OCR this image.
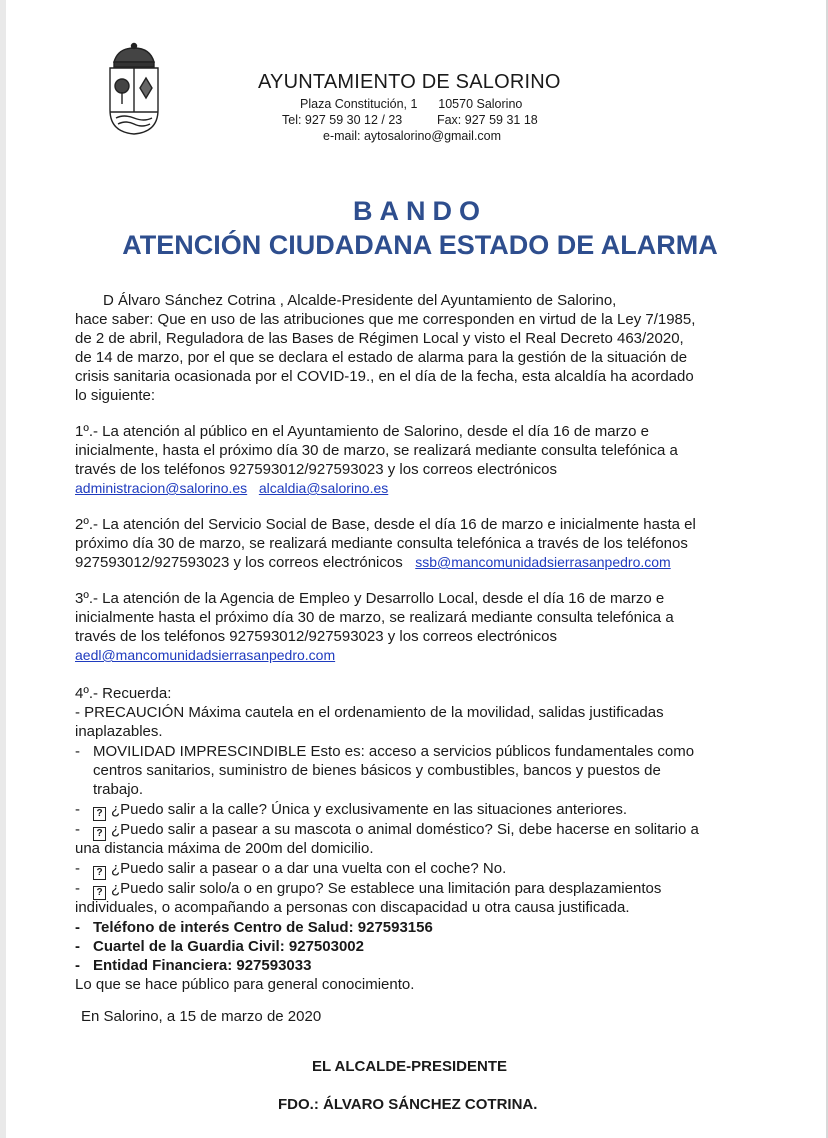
AYUNTAMIENTO DE SALORINO
Plaza Constitución, 1      10570 Salorino
Tel: 927 59 30 12 / 23          Fax: 927 59 31 18
e-mail: aytosalorino@gmail.com
BANDO
ATENCIÓN CIUDADANA ESTADO DE ALARMA
D Álvaro Sánchez Cotrina , Alcalde-Presidente del Ayuntamiento de Salorino,
hace saber: Que en uso de las atribuciones que me corresponden en virtud de la Ley 7/1985,
de 2 de abril, Reguladora de las Bases de Régimen Local y visto el Real Decreto 463/2020,
de 14 de marzo, por el que se declara el estado de alarma para la gestión de la situación de
crisis sanitaria ocasionada por el COVID-19., en el día de la fecha, esta alcaldía ha acordado
lo siguiente:
1º.- La atención al público en el Ayuntamiento de Salorino, desde el día 16 de marzo e
inicialmente, hasta el próximo día 30 de marzo, se realizará mediante consulta telefónica a
través de los teléfonos 927593012/927593023 y los correos electrónicos
administracion@salorino.es alcaldia@salorino.es
2º.- La atención del Servicio Social de Base, desde el día 16 de marzo e inicialmente hasta el
próximo día 30 de marzo, se realizará mediante consulta telefónica a través de los teléfonos
927593012/927593023 y los correos electrónicos ssb@mancomunidadsierrasanpedro.com
3º.- La atención de la Agencia de Empleo y Desarrollo Local, desde el día 16 de marzo e
inicialmente hasta el próximo día 30 de marzo, se realizará mediante consulta telefónica a
través de los teléfonos 927593012/927593023 y los correos electrónicos
aedl@mancomunidadsierrasanpedro.com
4º.- Recuerda:
- PRECAUCIÓN Máxima cautela en el ordenamiento de la movilidad, salidas justificadas
inaplazables.
- MOVILIDAD IMPRESCINDIBLE Esto es: acceso a servicios públicos fundamentales como
centros sanitarios, suministro de bienes básicos y combustibles, bancos y puestos de
trabajo.
-	? ¿Puedo salir a la calle? Única y exclusivamente en las situaciones anteriores.
-	? ¿Puedo salir a pasear a su mascota o animal doméstico? Si, debe hacerse en solitario a
una distancia máxima de 200m del domicilio.
-	? ¿Puedo salir a pasear o a dar una vuelta con el coche? No.
-	? ¿Puedo salir solo/a o en grupo? Se establece una limitación para desplazamientos
individuales, o acompañando a personas con discapacidad u otra causa justificada.
- Teléfono de interés Centro de Salud: 927593156
- Cuartel de la Guardia Civil: 927503002
- Entidad Financiera: 927593033
Lo que se hace público para general conocimiento.
En Salorino, a 15 de marzo de 2020
EL ALCALDE-PRESIDENTE
FDO.: ÁLVARO SÁNCHEZ COTRINA.
